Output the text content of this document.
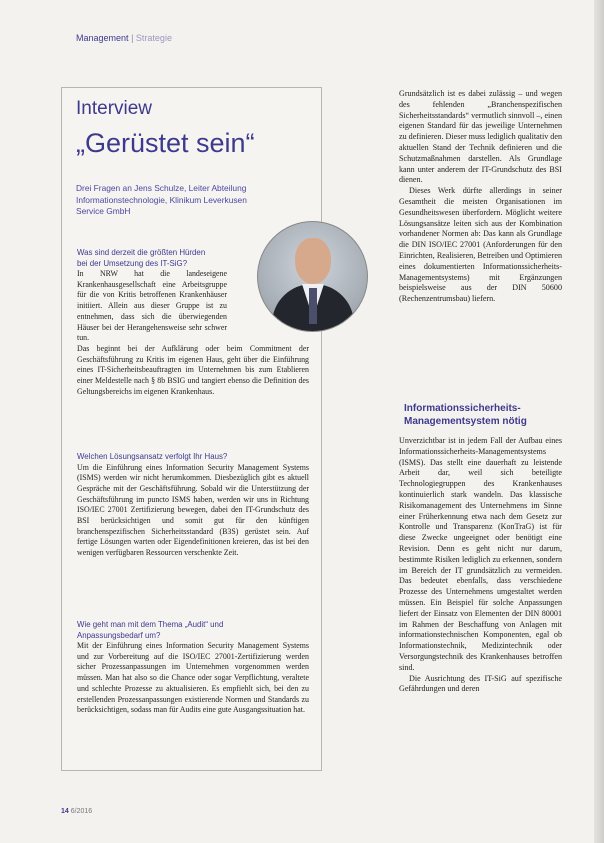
Management | Strategie
Interview
„Gerüstet sein“
Drei Fragen an Jens Schulze, Leiter Abteilung Informationstechnologie, Klinikum Leverkusen Service GmbH
Was sind derzeit die größten Hürden bei der Umsetzung des IT-SiG?

In NRW hat die landeseigene Krankenhausgesellschaft eine Arbeitsgruppe für die von Kritis betroffenen Krankenhäuser initiiert. Allein aus dieser Gruppe ist zu entnehmen, dass sich die überwiegenden Häuser bei der Herangehensweise sehr schwer tun.

Das beginnt bei der Aufklärung oder beim Commitment der Geschäftsführung zu Kritis im eigenen Haus, geht über die Einführung eines IT-Sicherheitsbeauftragten im Unternehmen bis zum Etablieren einer Meldestelle nach § 8b BSIG und tangiert ebenso die Definition des Geltungsbereichs im eigenen Krankenhaus.

Welchen Lösungsansatz verfolgt Ihr Haus?

Um die Einführung eines Information Security Management Systems (ISMS) werden wir nicht herumkommen. Diesbezüglich gibt es aktuell Gespräche mit der Geschäftsführung. Sobald wir die Unterstützung der Geschäftsführung im puncto ISMS haben, werden wir uns in Richtung ISO/IEC 27001 Zertifizierung bewegen, dabei den IT-Grundschutz des BSI berücksichtigen und somit gut für den künftigen branchenspezifischen Sicherheitsstandard (B3S) gerüstet sein. Auf fertige Lösungen warten oder Eigendefinitionen kreieren, das ist bei den wenigen verfügbaren Ressourcen verschenkte Zeit.

Wie geht man mit dem Thema „Audit“ und Anpassungsbedarf um?

Mit der Einführung eines Information Security Management Systems und zur Vorbereitung auf die ISO/IEC 27001-Zertifizierung werden sicher Prozessanpassungen im Unternehmen vorgenommen werden müssen. Man hat also so die Chance oder sogar Verpflichtung, veraltete und schlechte Prozesse zu aktualisieren. Es empfiehlt sich, bei den zu erstellenden Prozessanpassungen existierende Normen und Standards zu berücksichtigen, sodass man für Audits eine gute Ausgangssituation hat.

Grundsätzlich ist es dabei zulässig – und wegen des fehlenden „Branchenspezifischen Sicherheitsstandards“ vermutlich sinnvoll –, einen eigenen Standard für das jeweilige Unternehmen zu definieren. Dieser muss lediglich qualitativ den aktuellen Stand der Technik definieren und die Schutzmaßnahmen darstellen. Als Grundlage kann unter anderem der IT-Grundschutz des BSI dienen.

Dieses Werk dürfte allerdings in seiner Gesamtheit die meisten Organisationen im Gesundheitswesen überfordern. Möglicht weitere Lösungsansätze leiten sich aus der Kombination vorhandener Normen ab: Das kann als Grundlage die DIN ISO/IEC 27001 (Anforderungen für den Einrichten, Realisieren, Betreiben und Optimieren eines dokumentierten Informationssicherheits-Managementsystems) mit Ergänzungen beispielsweise aus der DIN 50600 (Rechenzentrumsbau) liefern.

Informationssicherheits-Managementsystem nötig

Unverzichtbar ist in jedem Fall der Aufbau eines Informationssicherheits-Managementsystems (ISMS). Das stellt eine dauerhaft zu leistende Arbeit dar, weil sich beteiligte Technologiegruppen des Krankenhauses kontinuierlich stark wandeln. Das klassische Risikomanagement des Unternehmens im Sinne einer Früherkennung etwa nach dem Gesetz zur Kontrolle und Transparenz (KonTraG) ist für diese Zwecke ungeeignet oder benötigt eine Revision. Denn es geht nicht nur darum, bestimmte Risiken lediglich zu erkennen, sondern im Bereich der IT grundsätzlich zu vermeiden. Das bedeutet ebenfalls, dass verschiedene Prozesse des Unternehmens umgestaltet werden müssen. Ein Beispiel für solche Anpassungen liefert der Einsatz von Elementen der DIN 80001 im Rahmen der Beschaffung von Anlagen mit informationstechnischen Komponenten, egal ob Informationstechnik, Medizintechnik oder Versorgungstechnik des Krankenhauses betroffen sind.

Die Ausrichtung des IT-SiG auf spezifische Gefährdungen und deren

14 6/2016
